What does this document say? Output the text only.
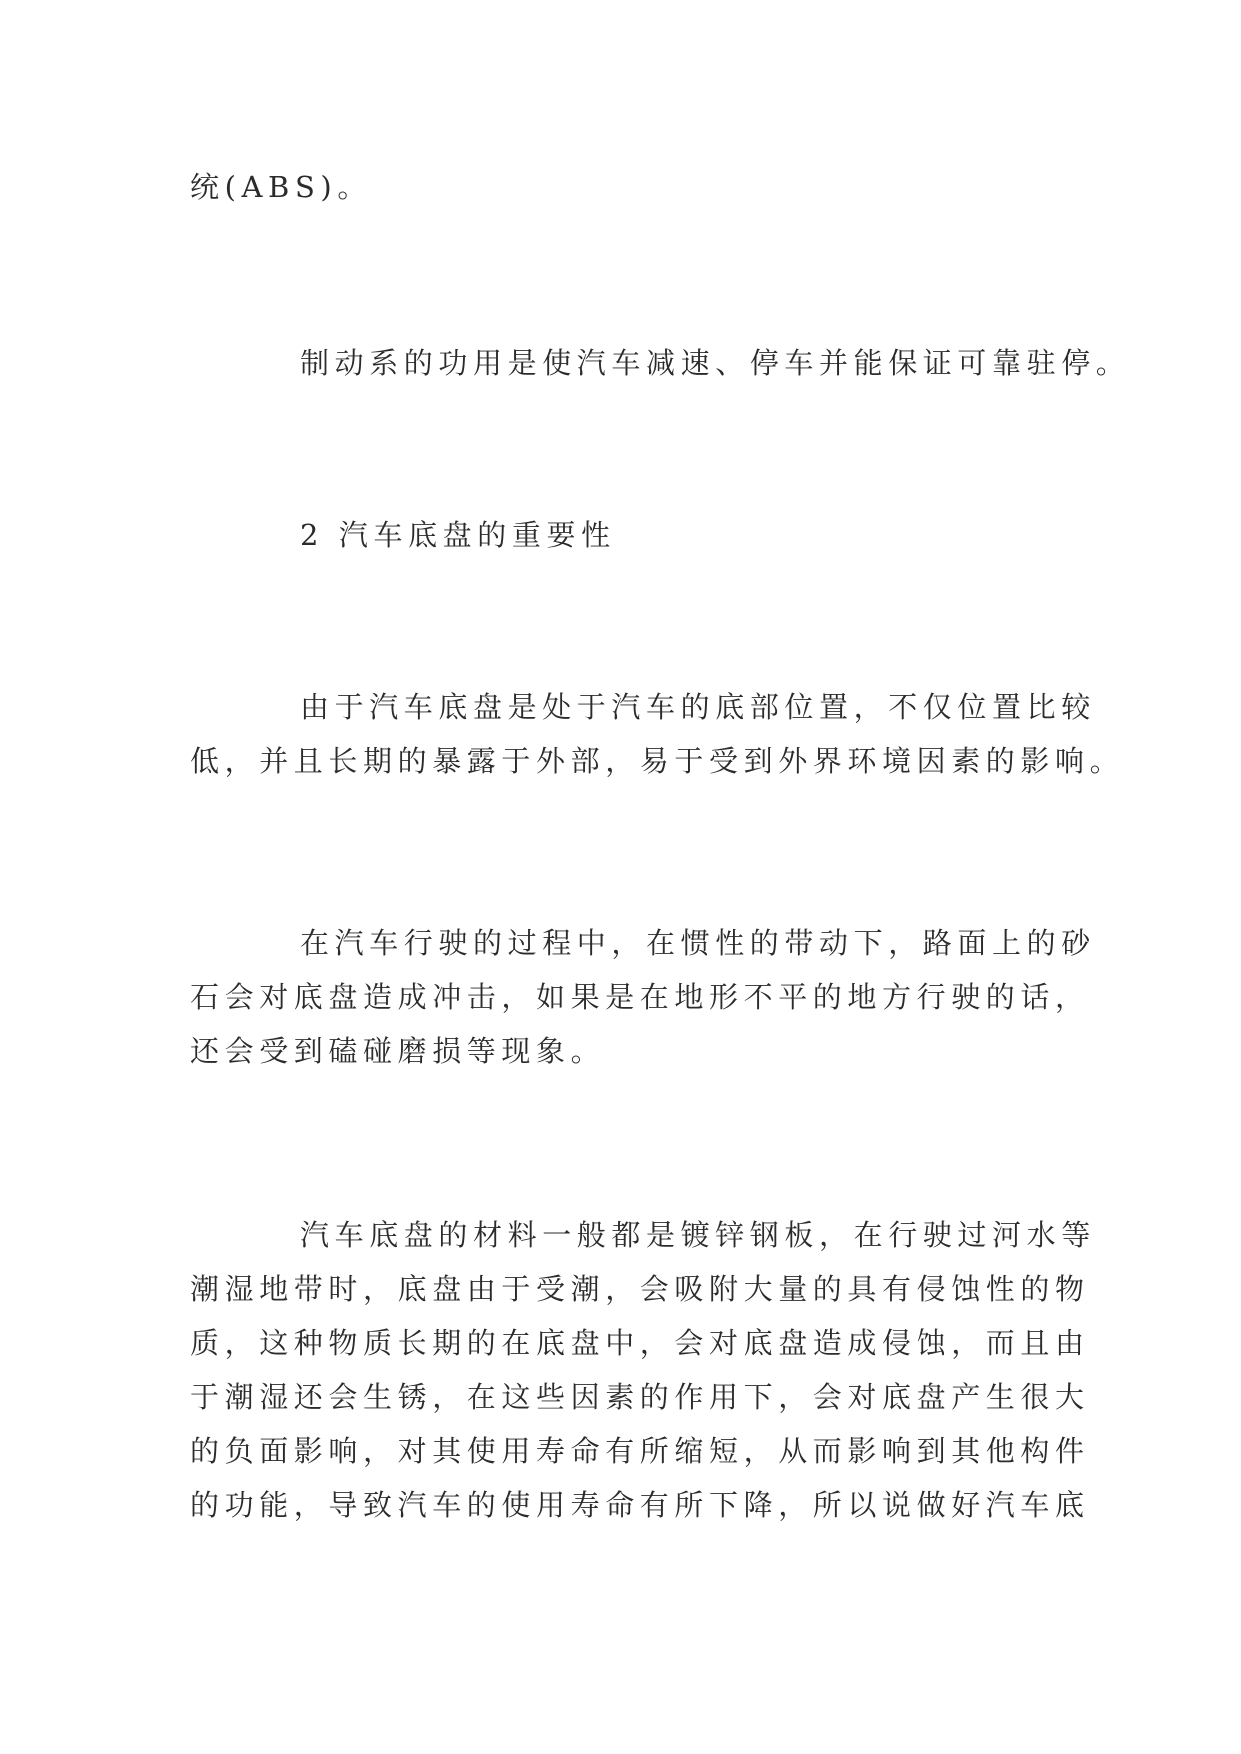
统(ABS)。
制动系的功用是使汽车减速、停车并能保证可靠驻停。
2 汽车底盘的重要性
由于汽车底盘是处于汽车的底部位置，不仅位置比较
低，并且长期的暴露于外部，易于受到外界环境因素的影响。
在汽车行驶的过程中，在惯性的带动下，路面上的砂
石会对底盘造成冲击，如果是在地形不平的地方行驶的话，
还会受到磕碰磨损等现象。
汽车底盘的材料一般都是镀锌钢板，在行驶过河水等
潮湿地带时，底盘由于受潮，会吸附大量的具有侵蚀性的物
质，这种物质长期的在底盘中，会对底盘造成侵蚀，而且由
于潮湿还会生锈，在这些因素的作用下，会对底盘产生很大
的负面影响，对其使用寿命有所缩短，从而影响到其他构件
的功能，导致汽车的使用寿命有所下降，所以说做好汽车底
